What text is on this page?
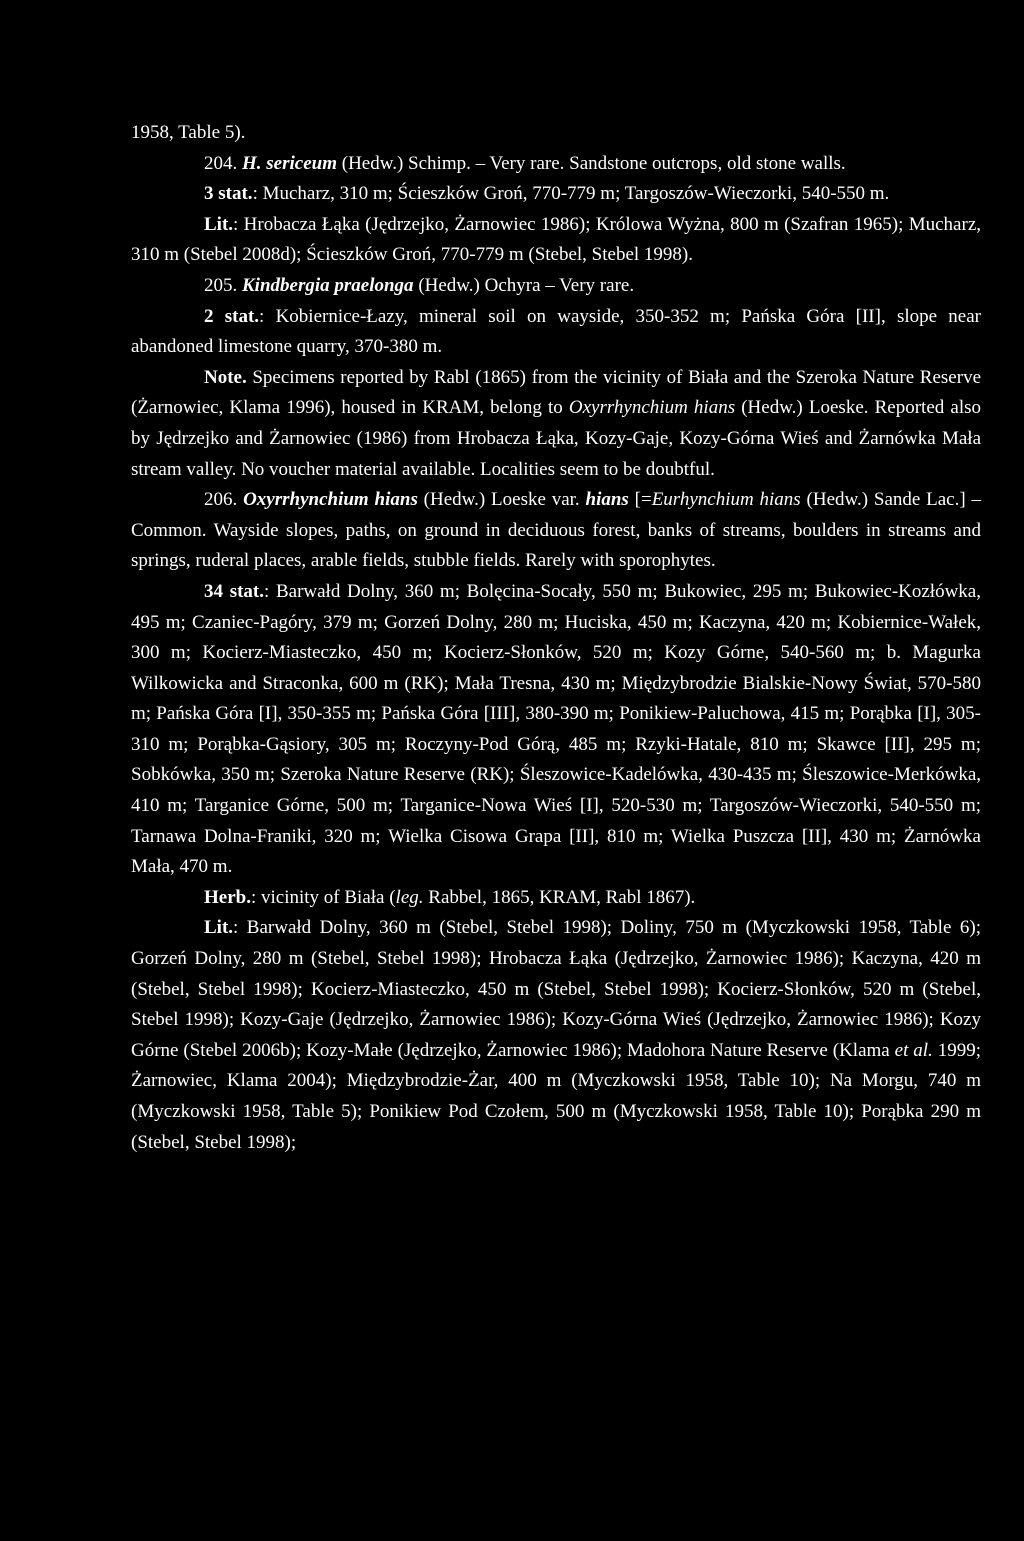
1958, Table 5).

204. H. sericeum (Hedw.) Schimp. – Very rare. Sandstone outcrops, old stone walls.

3 stat.: Mucharz, 310 m; Ścieszków Groń, 770-779 m; Targoszów-Wieczorki, 540-550 m.

Lit.: Hrobacza Łąka (Jędrzejko, Żarnowiec 1986); Królowa Wyżna, 800 m (Szafran 1965); Mucharz, 310 m (Stebel 2008d); Ścieszków Groń, 770-779 m (Stebel, Stebel 1998).

205. Kindbergia praelonga (Hedw.) Ochyra – Very rare.

2 stat.: Kobiernice-Łazy, mineral soil on wayside, 350-352 m; Pańska Góra [II], slope near abandoned limestone quarry, 370-380 m.

Note. Specimens reported by Rabl (1865) from the vicinity of Biała and the Szeroka Nature Reserve (Żarnowiec, Klama 1996), housed in KRAM, belong to Oxyrrhynchium hians (Hedw.) Loeske. Reported also by Jędrzejko and Żarnowiec (1986) from Hrobacza Łąka, Kozy-Gaje, Kozy-Górna Wieś and Żarnówka Mała stream valley. No voucher material available. Localities seem to be doubtful.

206. Oxyrrhynchium hians (Hedw.) Loeske var. hians [=Eurhynchium hians (Hedw.) Sande Lac.] – Common. Wayside slopes, paths, on ground in deciduous forest, banks of streams, boulders in streams and springs, ruderal places, arable fields, stubble fields. Rarely with sporophytes.

34 stat.: Barwałd Dolny, 360 m; Bolęcina-Socały, 550 m; Bukowiec, 295 m; Bukowiec-Kozłówka, 495 m; Czaniec-Pagóry, 379 m; Gorzeń Dolny, 280 m; Huciska, 450 m; Kaczyna, 420 m; Kobiernice-Wałek, 300 m; Kocierz-Miasteczko, 450 m; Kocierz-Słonków, 520 m; Kozy Górne, 540-560 m; b. Magurka Wilkowicka and Straconka, 600 m (RK); Mała Tresna, 430 m; Międzybrodzie Bialskie-Nowy Świat, 570-580 m; Pańska Góra [I], 350-355 m; Pańska Góra [III], 380-390 m; Ponikiew-Paluchowa, 415 m; Porąbka [I], 305-310 m; Porąbka-Gąsiory, 305 m; Roczyny-Pod Górą, 485 m; Rzyki-Hatale, 810 m; Skawce [II], 295 m; Sobkówka, 350 m; Szeroka Nature Reserve (RK); Śleszowice-Kadelówka, 430-435 m; Śleszowice-Merkówka, 410 m; Targanice Górne, 500 m; Targanice-Nowa Wieś [I], 520-530 m; Targoszów-Wieczorki, 540-550 m; Tarnawa Dolna-Franiki, 320 m; Wielka Cisowa Grapa [II], 810 m; Wielka Puszcza [II], 430 m; Żarnówka Mała, 470 m.

Herb.: vicinity of Biała (leg. Rabbel, 1865, KRAM, Rabl 1867).

Lit.: Barwałd Dolny, 360 m (Stebel, Stebel 1998); Doliny, 750 m (Myczkowski 1958, Table 6); Gorzeń Dolny, 280 m (Stebel, Stebel 1998); Hrobacza Łąka (Jędrzejko, Żarnowiec 1986); Kaczyna, 420 m (Stebel, Stebel 1998); Kocierz-Miasteczko, 450 m (Stebel, Stebel 1998); Kocierz-Słonków, 520 m (Stebel, Stebel 1998); Kozy-Gaje (Jędrzejko, Żarnowiec 1986); Kozy-Górna Wieś (Jędrzejko, Żarnowiec 1986); Kozy Górne (Stebel 2006b); Kozy-Małe (Jędrzejko, Żarnowiec 1986); Madohora Nature Reserve (Klama et al. 1999; Żarnowiec, Klama 2004); Międzybrodzie-Żar, 400 m (Myczkowski 1958, Table 10); Na Morgu, 740 m (Myczkowski 1958, Table 5); Ponikiew Pod Czołem, 500 m (Myczkowski 1958, Table 10); Porąbka 290 m (Stebel, Stebel 1998);
